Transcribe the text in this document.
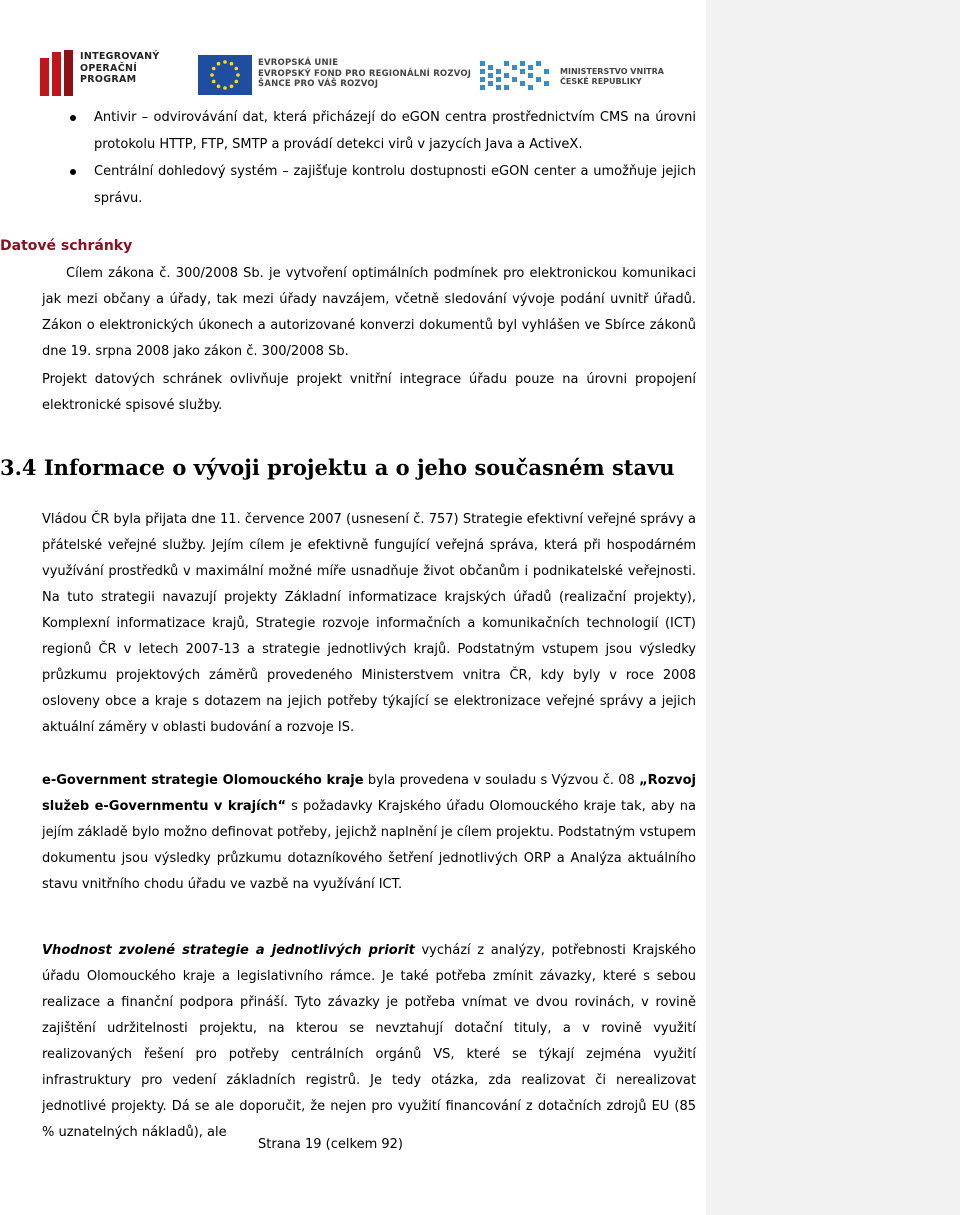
INTEGROVANÝ
OPERAČNÍ
PROGRAM
EVROPSKÁ UNIE
EVROPSKÝ FOND PRO REGIONÁLNÍ ROZVOJ
ŠANCE PRO VÁŠ ROZVOJ
MINISTERSTVO VNITRA
ČESKÉ REPUBLIKY
Antivir – odvirovávání dat, která přicházejí do eGON centra prostřednictvím CMS na úrovni protokolu HTTP, FTP, SMTP a provádí detekci virů v jazycích Java a ActiveX.
Centrální dohledový systém – zajišťuje kontrolu dostupnosti eGON center a umožňuje jejich správu.
Datové schránky

Cílem zákona č. 300/2008 Sb. je vytvoření optimálních podmínek pro elektronickou komunikaci jak mezi občany a úřady, tak mezi úřady navzájem, včetně sledování vývoje podání uvnitř úřadů. Zákon o elektronických úkonech a autorizované konverzi dokumentů byl vyhlášen ve Sbírce zákonů dne 19. srpna 2008 jako zákon č. 300/2008 Sb.

Projekt datových schránek ovlivňuje projekt vnitřní integrace úřadu pouze na úrovni propojení elektronické spisové služby.

3.4 Informace o vývoji projektu a o jeho současném stavu

Vládou ČR byla přijata dne 11. července 2007 (usnesení č. 757) Strategie efektivní veřejné správy a přátelské veřejné služby. Jejím cílem je efektivně fungující veřejná správa, která při hospodárném využívání prostředků v maximální možné míře usnadňuje život občanům i podnikatelské veřejnosti. Na tuto strategii navazují projekty Základní informatizace krajských úřadů (realizační projekty), Komplexní informatizace krajů, Strategie rozvoje informačních a komunikačních technologií (ICT) regionů ČR v letech 2007-13 a strategie jednotlivých krajů. Podstatným vstupem jsou výsledky průzkumu projektových záměrů provedeného Ministerstvem vnitra ČR, kdy byly v roce 2008 osloveny obce a kraje s dotazem na jejich potřeby týkající se elektronizace veřejné správy a jejich aktuální záměry v oblasti budování a rozvoje IS.

e-Government strategie Olomouckého kraje byla provedena v souladu s Výzvou č. 08 „Rozvoj služeb e-Governmentu v krajích“ s požadavky Krajského úřadu Olomouckého kraje tak, aby na jejím základě bylo možno definovat potřeby, jejichž naplnění je cílem projektu. Podstatným vstupem dokumentu jsou výsledky průzkumu dotazníkového šetření jednotlivých ORP a Analýza aktuálního stavu vnitřního chodu úřadu ve vazbě na využívání ICT.

Vhodnost zvolené strategie a jednotlivých priorit vychází z analýzy, potřebnosti Krajského úřadu Olomouckého kraje a legislativního rámce. Je také potřeba zmínit závazky, které s sebou realizace a finanční podpora přináší. Tyto závazky je potřeba vnímat ve dvou rovinách, v rovině zajištění udržitelnosti projektu, na kterou se nevztahují dotační tituly, a v rovině využití realizovaných řešení pro potřeby centrálních orgánů VS, které se týkají zejména využití infrastruktury pro vedení základních registrů. Je tedy otázka, zda realizovat či nerealizovat jednotlivé projekty. Dá se ale doporučit, že nejen pro využití financování z dotačních zdrojů EU (85 % uznatelných nákladů), ale

Strana 19 (celkem 92)
